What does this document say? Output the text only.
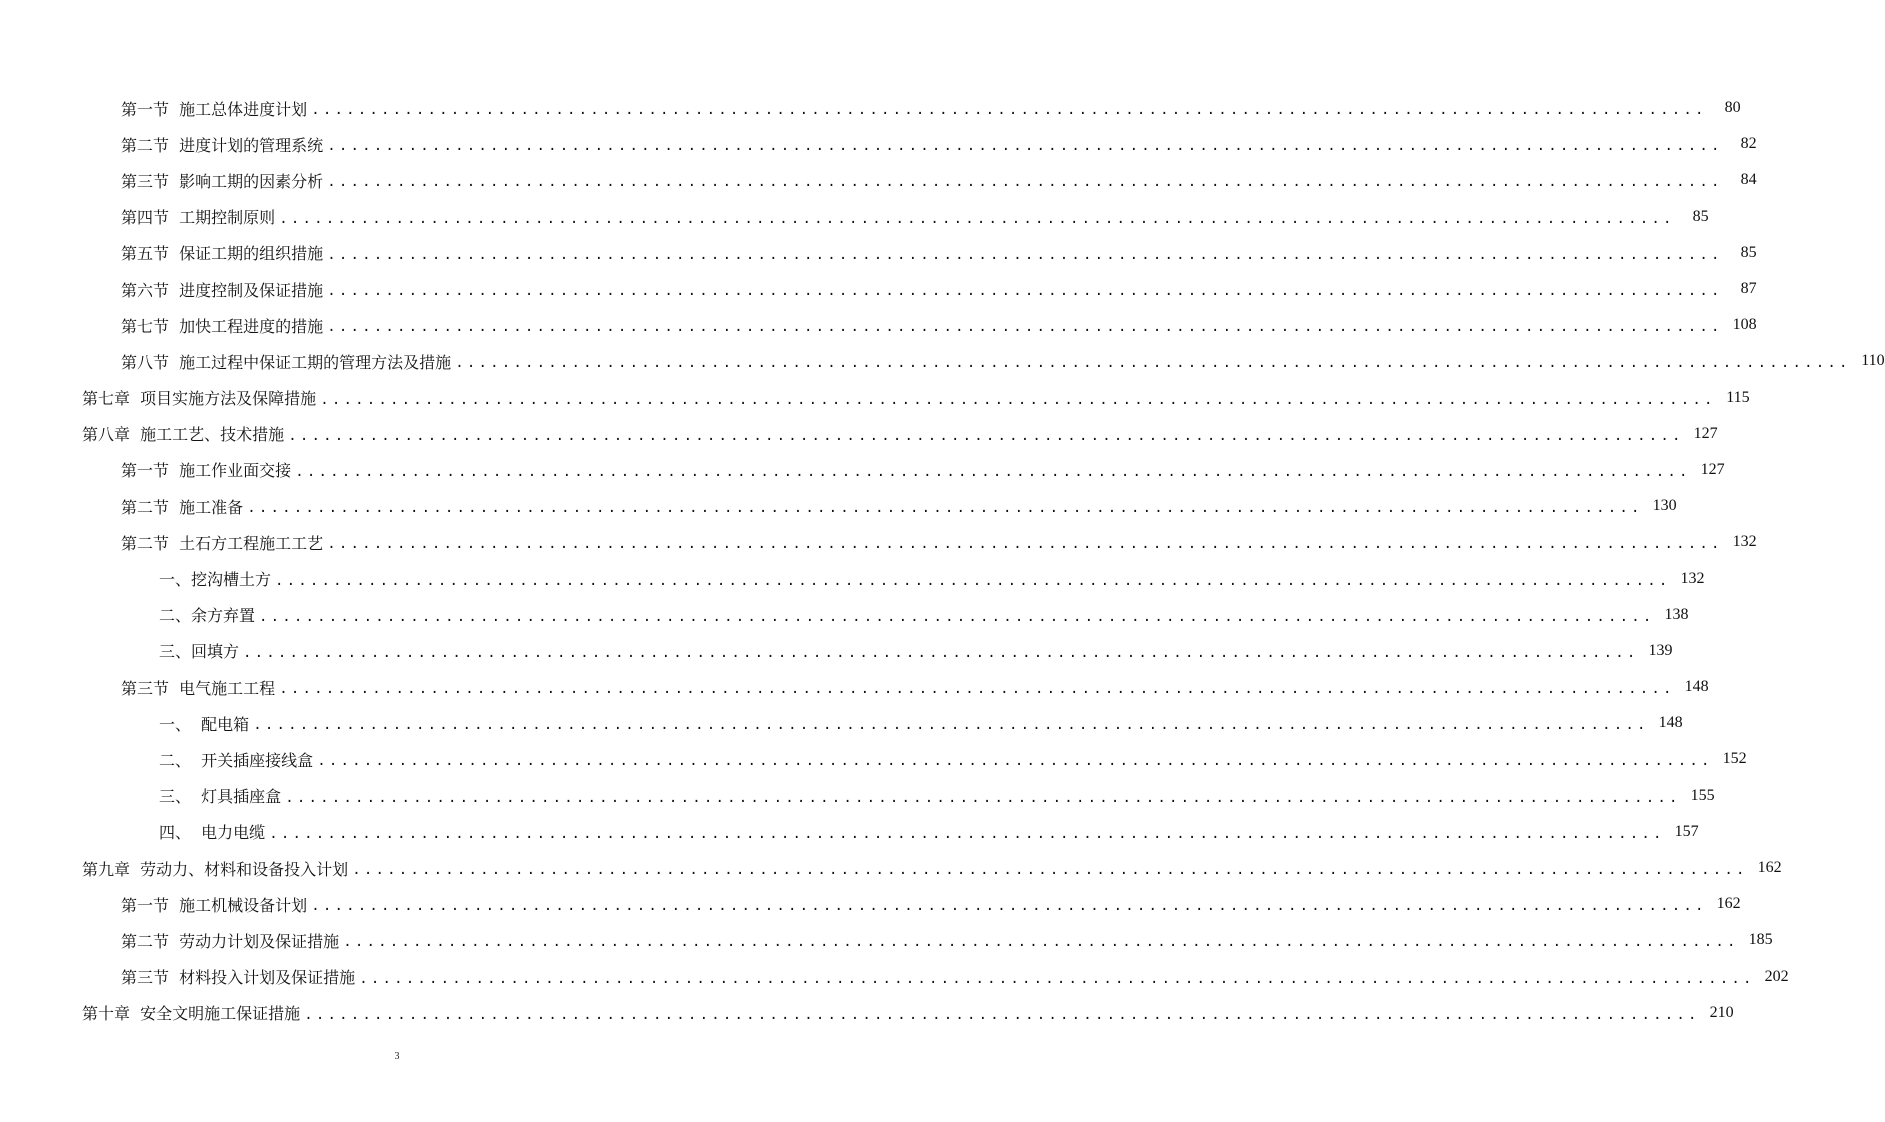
第一节  施工总体进度计划 ........................................................................................................................	80
第二节  进度计划的管理系统 ........................................................................................................................	82
第三节  影响工期的因素分析 ........................................................................................................................	84
第四节  工期控制原则 ........................................................................................................................	85
第五节  保证工期的组织措施 ........................................................................................................................	85
第六节  进度控制及保证措施 ........................................................................................................................	87
第七节  加快工程进度的措施 ........................................................................................................................ 108
第八节  施工过程中保证工期的管理方法及措施 ........................................................................................................................ 110
第七章  项目实施方法及保障措施 ........................................................................................................................ 115
第八章  施工工艺、技术措施 ........................................................................................................................ 127
第一节  施工作业面交接 ........................................................................................................................ 127
第二节  施工准备 ........................................................................................................................ 130
第二节  土石方工程施工工艺 ........................................................................................................................ 132
一、挖沟槽土方 ........................................................................................................................ 132
二、余方弃置 ........................................................................................................................ 138
三、回填方 ........................................................................................................................ 139
第三节  电气施工工程 ........................................................................................................................ 148
一、  配电箱 ........................................................................................................................ 148
二、  开关插座接线盒 ........................................................................................................................ 152
三、  灯具插座盒 ........................................................................................................................ 155
四、  电力电缆 ........................................................................................................................ 157
第九章  劳动力、材料和设备投入计划 ........................................................................................................................ 162
第一节  施工机械设备计划 ........................................................................................................................ 162
第二节  劳动力计划及保证措施 ........................................................................................................................ 185
第三节  材料投入计划及保证措施 ........................................................................................................................ 202
第十章  安全文明施工保证措施 ........................................................................................................................ 210
3
